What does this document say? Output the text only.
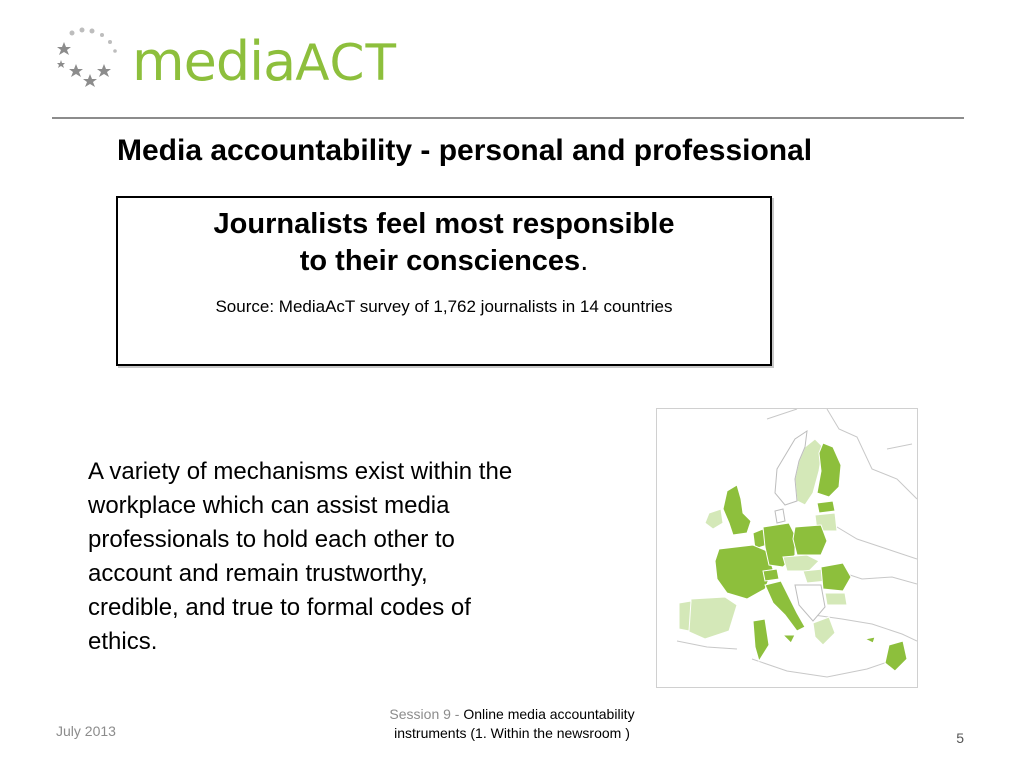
mediaACT
Media accountability - personal and professional
Journalists feel most responsible
to their consciences.
Source: MediaAcT survey of 1,762 journalists in 14 countries
A variety of mechanisms exist within the workplace which can assist media professionals to hold each other to account and remain trustworthy, credible, and true to formal codes of ethics.
July 2013
Session 9 - Online media accountability instruments (1. Within the newsroom )	5
